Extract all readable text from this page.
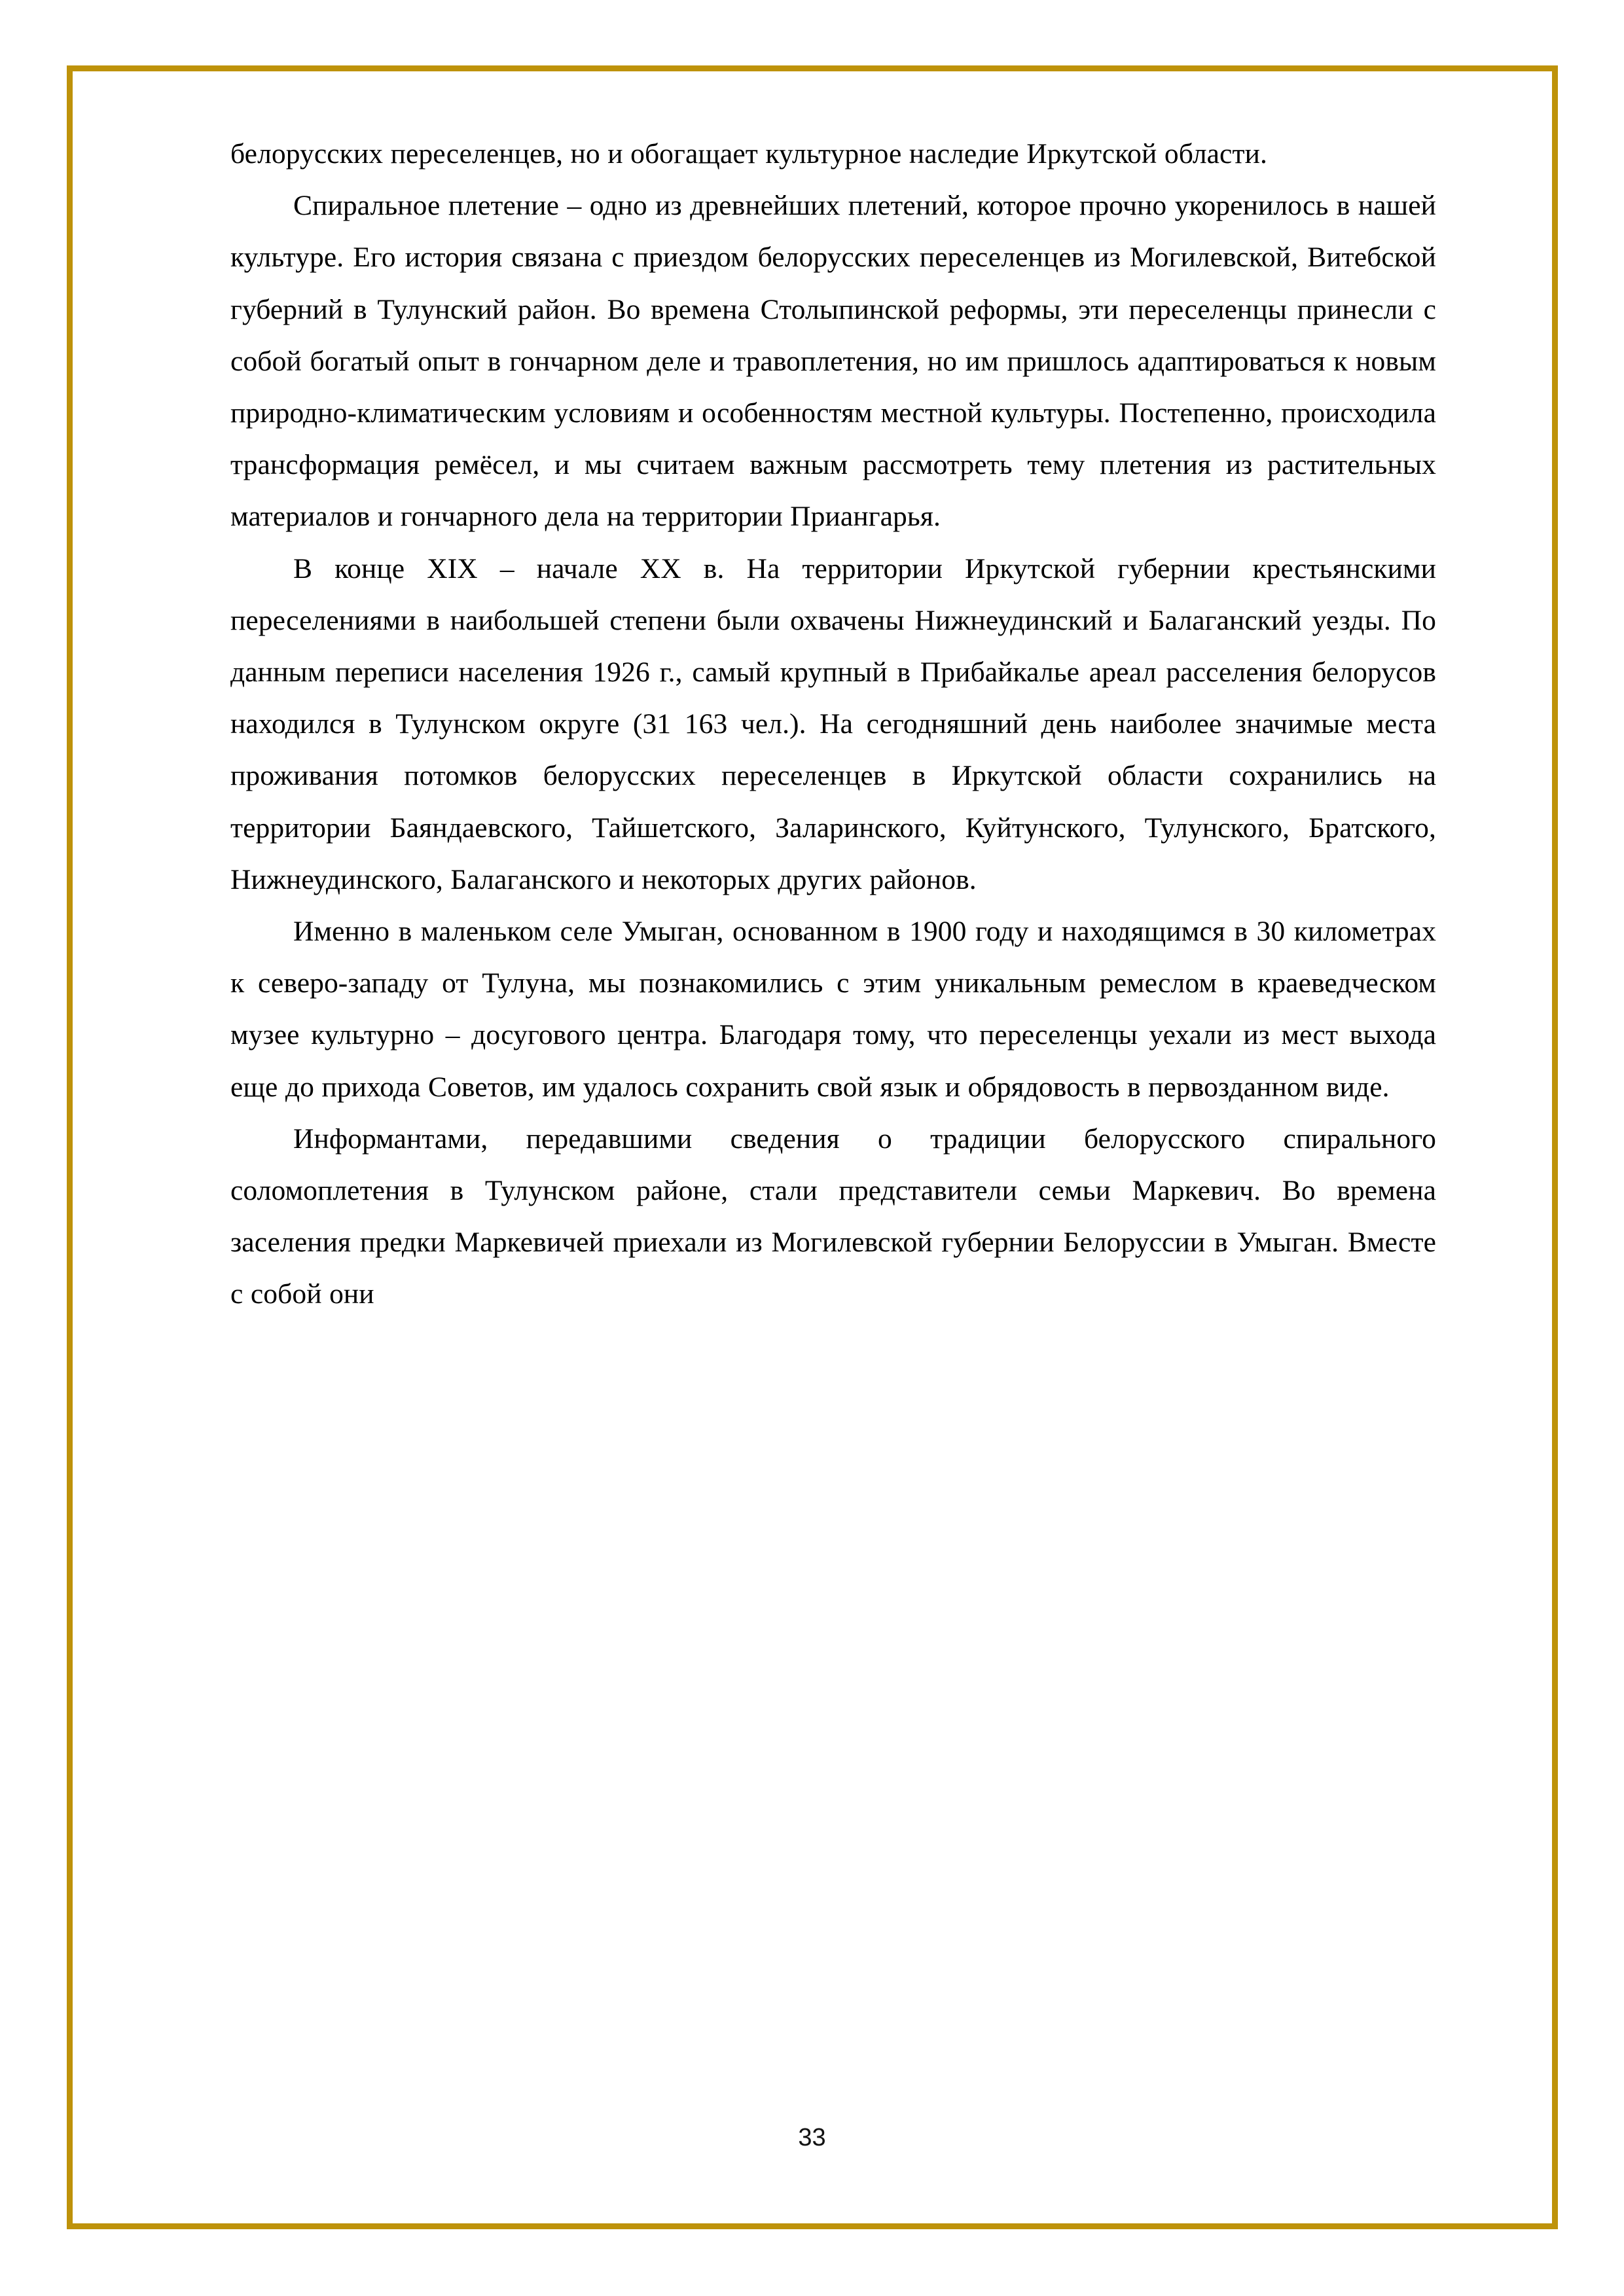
белорусских переселенцев, но и обогащает культурное наследие Иркутской области.

Спиральное плетение – одно из древнейших плетений, которое прочно укоренилось в нашей культуре. Его история связана с приездом белорусских переселенцев из Могилевской, Витебской губерний в Тулунский район. Во времена Столыпинской реформы, эти переселенцы принесли с собой богатый опыт в гончарном деле и травоплетения, но им пришлось адаптироваться к новым природно-климатическим условиям и особенностям местной культуры. Постепенно, происходила трансформация ремёсел, и мы считаем важным рассмотреть тему плетения из растительных материалов и гончарного дела на территории Приангарья.

В конце XIX – начале XX в. На территории Иркутской губернии крестьянскими переселениями в наибольшей степени были охвачены Нижнеудинский и Балаганский уезды. По данным переписи населения 1926 г., самый крупный в Прибайкалье ареал расселения белорусов находился в Тулунском округе (31 163 чел.). На сегодняшний день наиболее значимые места проживания потомков белорусских переселенцев в Иркутской области сохранились на территории Баяндаевского, Тайшетского, Заларинского, Куйтунского, Тулунского, Братского, Нижнеудинского, Балаганского и некоторых других районов.

Именно в маленьком селе Умыган, основанном в 1900 году и находящимся в 30 километрах к северо-западу от Тулуна, мы познакомились с этим уникальным ремеслом в краеведческом музее культурно – досугового центра. Благодаря тому, что переселенцы уехали из мест выхода еще до прихода Советов, им удалось сохранить свой язык и обрядовость в первозданном виде.

Информантами, передавшими сведения о традиции белорусского спирального соломоплетения в Тулунском районе, стали представители семьи Маркевич. Во времена заселения предки Маркевичей приехали из Могилевской губернии Белоруссии в Умыган. Вместе с собой они

33
